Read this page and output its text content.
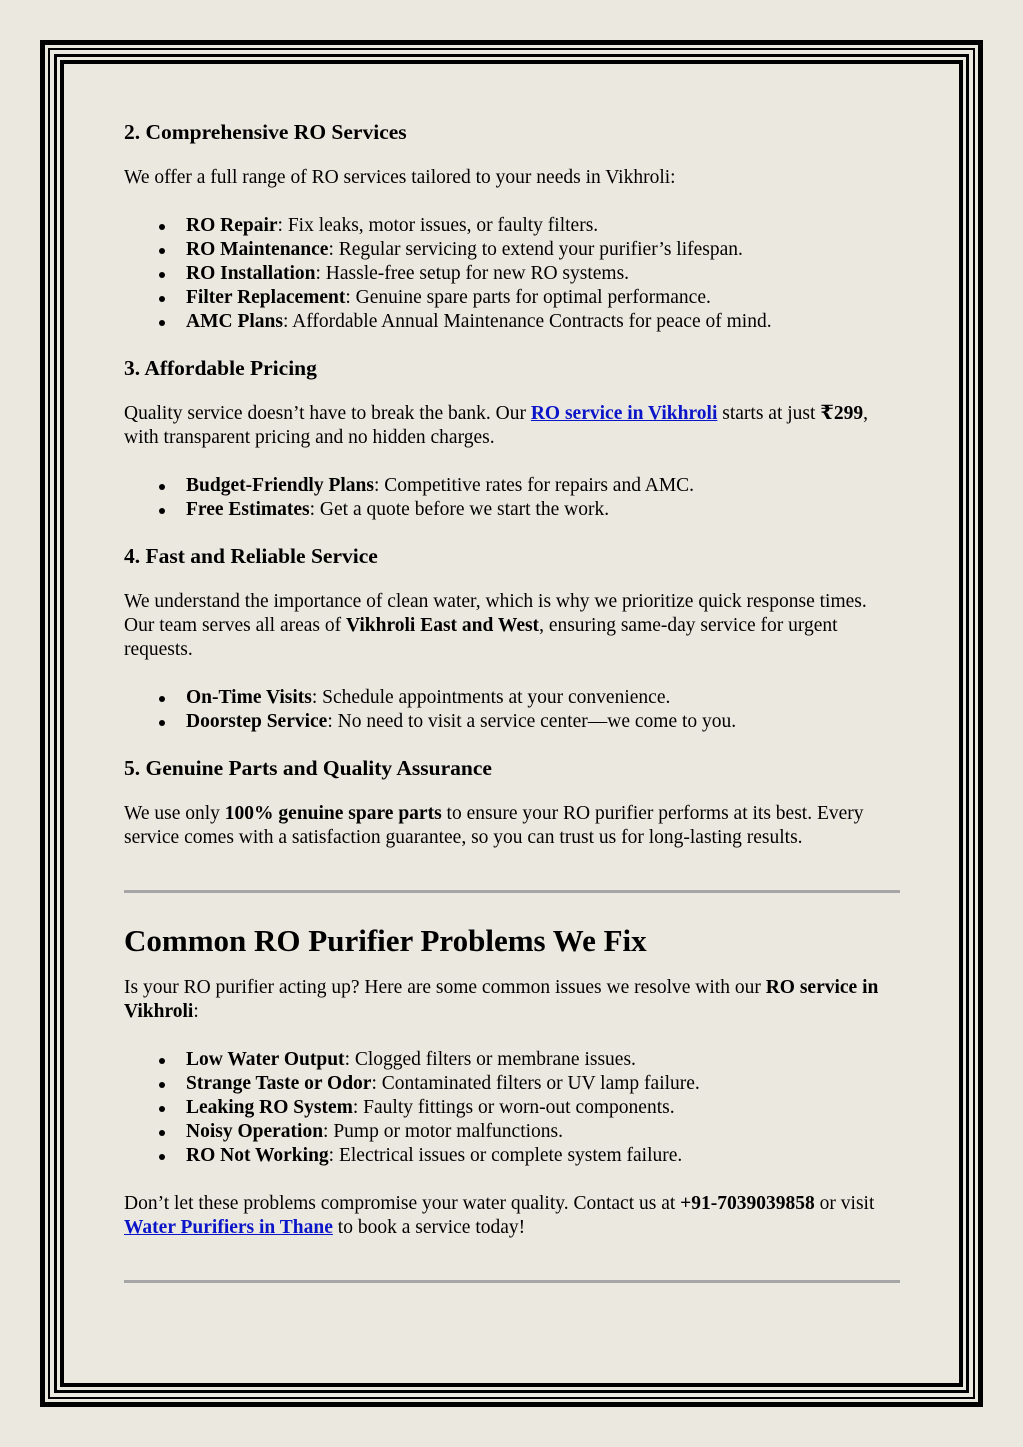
2. Comprehensive RO Services

We offer a full range of RO services tailored to your needs in Vikhroli:

RO Repair: Fix leaks, motor issues, or faulty filters.
RO Maintenance: Regular servicing to extend your purifier’s lifespan.
RO Installation: Hassle-free setup for new RO systems.
Filter Replacement: Genuine spare parts for optimal performance.
AMC Plans: Affordable Annual Maintenance Contracts for peace of mind.
3. Affordable Pricing

Quality service doesn’t have to break the bank. Our RO service in Vikhroli starts at just ₹299, with transparent pricing and no hidden charges.

Budget-Friendly Plans: Competitive rates for repairs and AMC.
Free Estimates: Get a quote before we start the work.
4. Fast and Reliable Service

We understand the importance of clean water, which is why we prioritize quick response times. Our team serves all areas of Vikhroli East and West, ensuring same-day service for urgent requests.

On-Time Visits: Schedule appointments at your convenience.
Doorstep Service: No need to visit a service center—we come to you.
5. Genuine Parts and Quality Assurance

We use only 100% genuine spare parts to ensure your RO purifier performs at its best. Every service comes with a satisfaction guarantee, so you can trust us for long-lasting results.

Common RO Purifier Problems We Fix

Is your RO purifier acting up? Here are some common issues we resolve with our RO service in Vikhroli:

Low Water Output: Clogged filters or membrane issues.
Strange Taste or Odor: Contaminated filters or UV lamp failure.
Leaking RO System: Faulty fittings or worn-out components.
Noisy Operation: Pump or motor malfunctions.
RO Not Working: Electrical issues or complete system failure.

Don’t let these problems compromise your water quality. Contact us at +91-7039039858 or visit Water Purifiers in Thane to book a service today!
